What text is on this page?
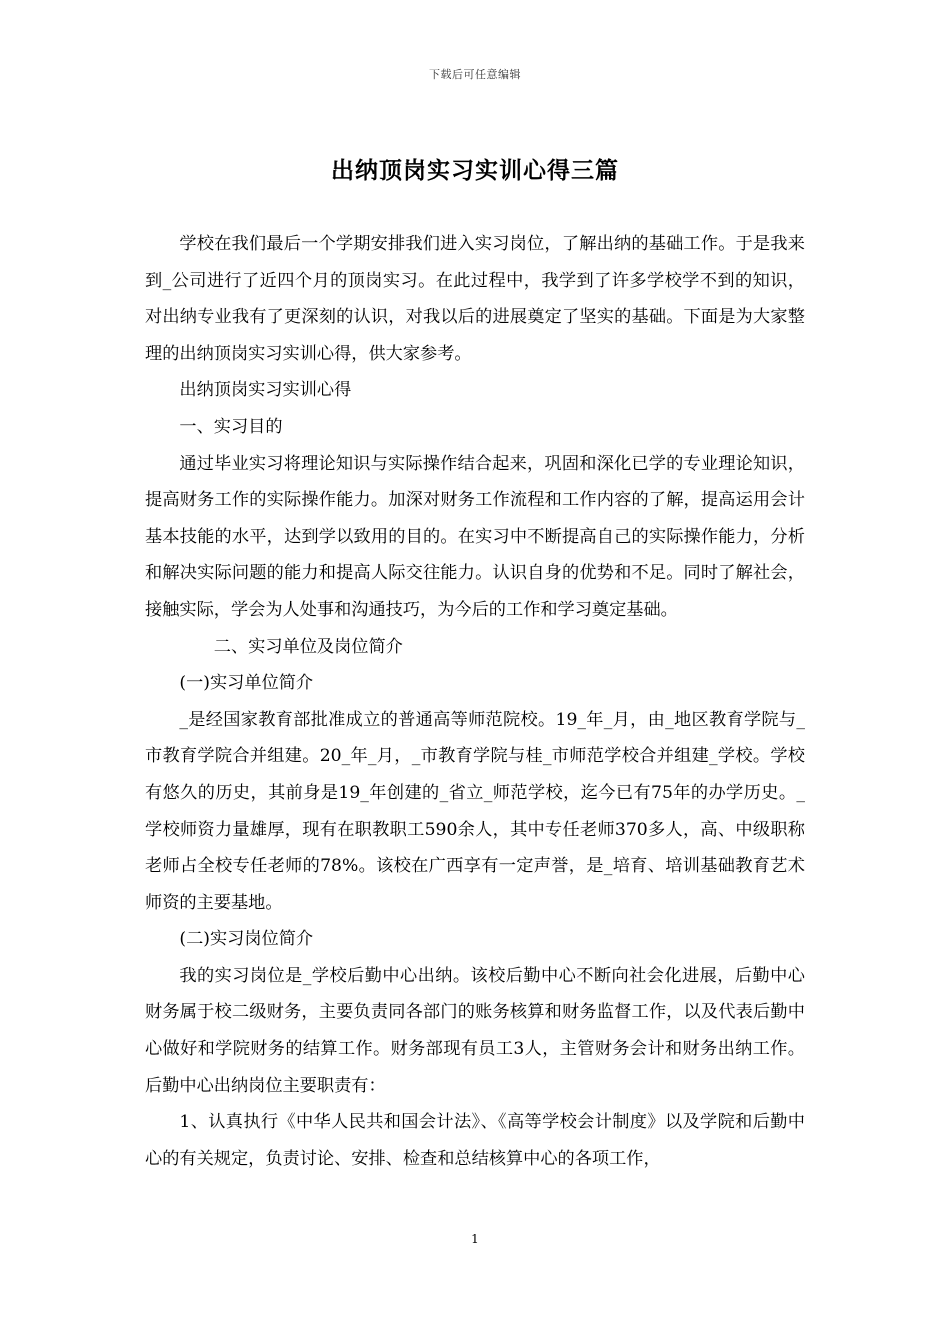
下载后可任意编辑
出纳顶岗实习实训心得三篇

学校在我们最后一个学期安排我们进入实习岗位，了解出纳的基础工作。于是我来到_公司进行了近四个月的顶岗实习。在此过程中，我学到了许多学校学不到的知识，对出纳专业我有了更深刻的认识，对我以后的进展奠定了坚实的基础。下面是为大家整理的出纳顶岗实习实训心得，供大家参考。

出纳顶岗实习实训心得

一、实习目的

通过毕业实习将理论知识与实际操作结合起来，巩固和深化已学的专业理论知识，提高财务工作的实际操作能力。加深对财务工作流程和工作内容的了解，提高运用会计基本技能的水平，达到学以致用的目的。在实习中不断提高自己的实际操作能力，分析和解决实际问题的能力和提高人际交往能力。认识自身的优势和不足。同时了解社会，接触实际，学会为人处事和沟通技巧，为今后的工作和学习奠定基础。

二、实习单位及岗位简介

(一)实习单位简介

_是经国家教育部批准成立的普通高等师范院校。19_年_月，由_地区教育学院与_市教育学院合并组建。20_年_月，_市教育学院与桂_市师范学校合并组建_学校。学校有悠久的历史，其前身是19_年创建的_省立_师范学校，迄今已有75年的办学历史。_学校师资力量雄厚，现有在职教职工590余人，其中专任老师370多人，高、中级职称老师占全校专任老师的78%。该校在广西享有一定声誉，是_培育、培训基础教育艺术师资的主要基地。

(二)实习岗位简介

我的实习岗位是_学校后勤中心出纳。该校后勤中心不断向社会化进展，后勤中心财务属于校二级财务，主要负责同各部门的账务核算和财务监督工作，以及代表后勤中心做好和学院财务的结算工作。财务部现有员工3人，主管财务会计和财务出纳工作。后勤中心出纳岗位主要职责有：

1、认真执行《中华人民共和国会计法》、《高等学校会计制度》以及学院和后勤中心的有关规定，负责讨论、安排、检查和总结核算中心的各项工作，

1
